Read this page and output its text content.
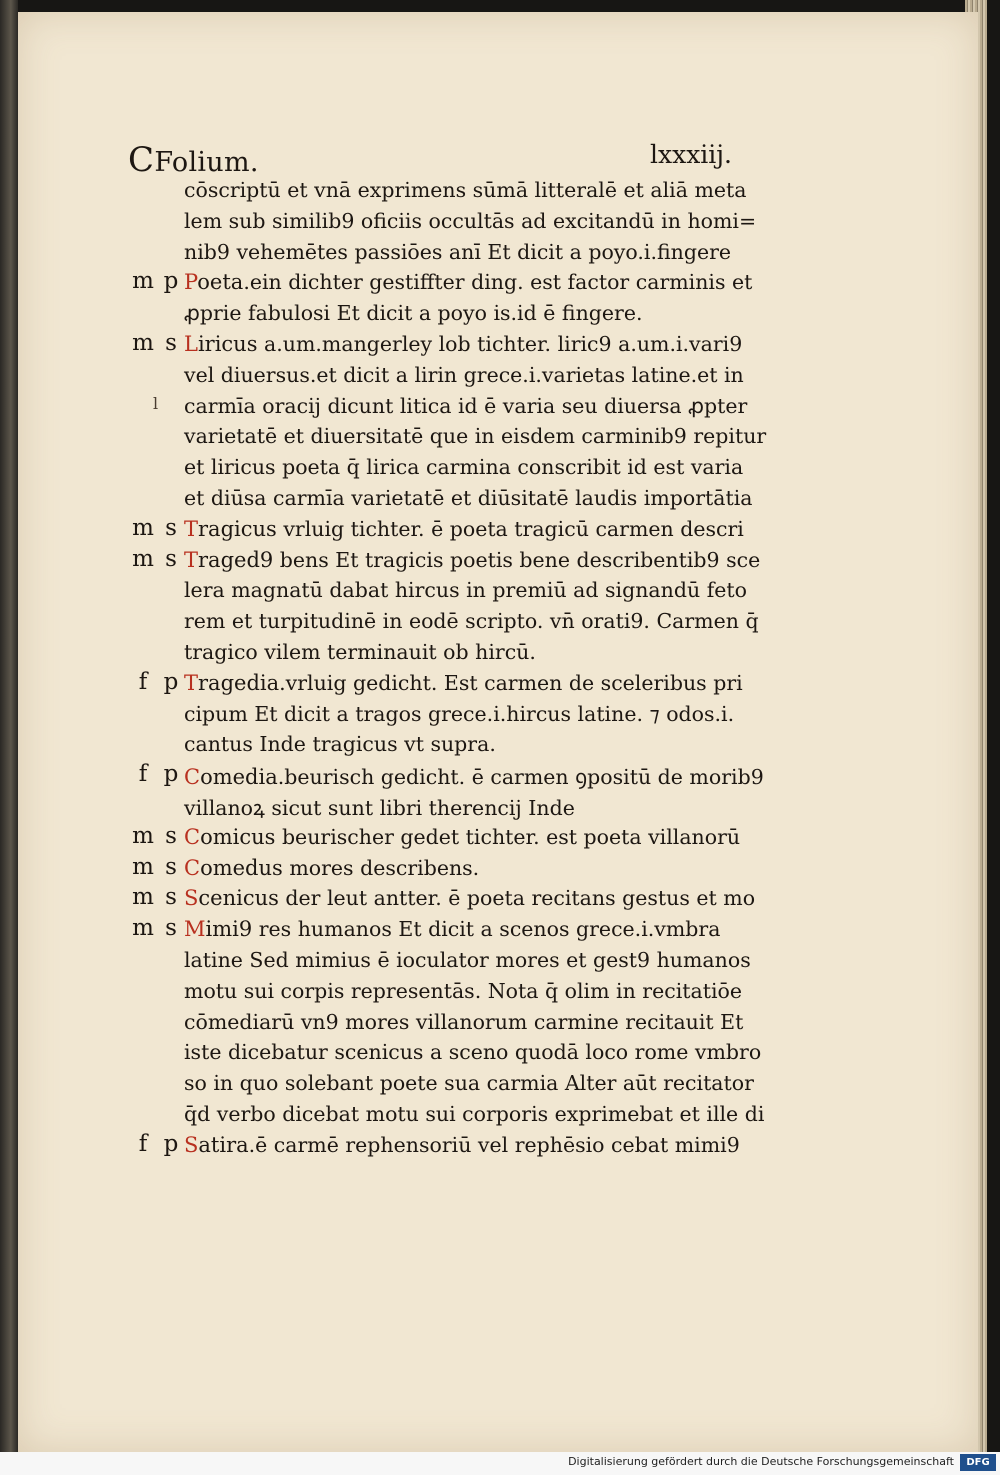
CFolium.	lxxxiij.
cōscriptū et vnā exprimens sūmā litteralē et aliā meta
lem sub similib9 oficiis occultās ad excitandū in homi=
nib9 vehemētes passiōes anī Et dicit a poyo.i.fingere
m p Poeta.ein dichter gestiffter ding. est factor carminis et
ꝓprie fabulosi Et dicit a poyo is.id ē fingere.
m s Liricus a.um.mangerley lob tichter. liric9 a.um.i.vari9
vel diuersus.et dicit a lirin grece.i.varietas latine.et in
carmīa oracij dicunt litica id ē varia seu diuersa ꝓpter
varietatē et diuersitatē que in eisdem carminib9 repitur
et liricus poeta q̄ lirica carmina conscribit id est varia
et diūsa carmīa varietatē et diūsitatē laudis importātia
m s Tragicus vrluig tichter. ē poeta tragicū carmen descri
m s Traged9 bens Et tragicis poetis bene describentib9 sce
lera magnatū dabat hircus in premiū ad signandū feto
rem et turpitudinē in eodē scripto. vn̄ orati9. Carmen q̄
tragico vilem terminauit ob hircū.
f p Tragedia.vrluig gedicht. Est carmen de sceleribus pri
cipum Et dicit a tragos grece.i.hircus latine. ⁊ odos.i.
cantus Inde tragicus vt supra.
f p Comedia.beurisch gedicht. ē carmen ꝯpositū de morib9
villanoꝝ sicut sunt libri therencij Inde
m s Comicus beurischer gedet tichter. est poeta villanorū
m s Comedus mores describens.
m s Scenicus der leut antter. ē poeta recitans gestus et mo
m s Mimi9 res humanos Et dicit a scenos grece.i.vmbra
latine Sed mimius ē ioculator mores et gest9 humanos
motu sui corpis representās. Nota q̄ olim in recitatiōe
cōmediarū vn9 mores villanorum carmine recitauit Et
iste dicebatur scenicus a sceno quodā loco rome vmbro
so in quo solebant poete sua carmia Alter aūt recitator
q̄d verbo dicebat motu sui corporis exprimebat et ille di
f p Satira.ē carmē rephensoriū vel rephēsio cebat mimi9
l
Digitalisierung gefördert durch die Deutsche Forschungsgemeinschaft	DFG
